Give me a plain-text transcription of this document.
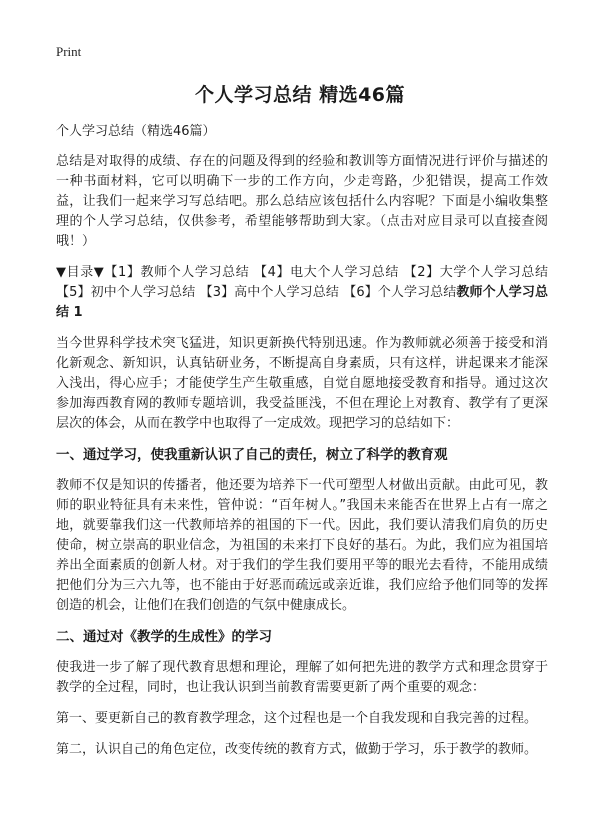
Print
个人学习总结 精选46篇

个人学习总结（精选46篇）

总结是对取得的成绩、存在的问题及得到的经验和教训等方面情况进行评价与描述的一种书面材料，它可以明确下一步的工作方向，少走弯路，少犯错误，提高工作效益，让我们一起来学习写总结吧。那么总结应该包括什么内容呢？下面是小编收集整理的个人学习总结，仅供参考，希望能够帮助到大家。（点击对应目录可以直接查阅哦！）

▼目录▼【1】教师个人学习总结 【4】电大个人学习总结 【2】大学个人学习总结 【5】初中个人学习总结 【3】高中个人学习总结 【6】个人学习总结教师个人学习总结 1

当今世界科学技术突飞猛进，知识更新换代特别迅速。作为教师就必须善于接受和消化新观念、新知识，认真钻研业务，不断提高自身素质，只有这样，讲起课来才能深入浅出，得心应手；才能使学生产生敬重感，自觉自愿地接受教育和指导。通过这次参加海西教育网的教师专题培训，我受益匪浅，不但在理论上对教育、教学有了更深层次的体会，从而在教学中也取得了一定成效。现把学习的总结如下：

一、通过学习，使我重新认识了自己的责任，树立了科学的教育观

教师不仅是知识的传播者，他还要为培养下一代可塑型人材做出贡献。由此可见，教师的职业特征具有未来性，管仲说：“百年树人。”我国未来能否在世界上占有一席之地，就要靠我们这一代教师培养的祖国的下一代。因此，我们要认清我们肩负的历史使命，树立崇高的职业信念，为祖国的未来打下良好的基石。为此，我们应为祖国培养出全面素质的创新人材。对于我们的学生我们要用平等的眼光去看待，不能用成绩把他们分为三六九等，也不能由于好恶而疏远或亲近谁，我们应给予他们同等的发挥创造的机会，让他们在我们创造的气氛中健康成长。

二、通过对《教学的生成性》的学习

使我进一步了解了现代教育思想和理论，理解了如何把先进的教学方式和理念贯穿于教学的全过程，同时，也让我认识到当前教育需要更新了两个重要的观念：

第一、要更新自己的教育教学理念，这个过程也是一个自我发现和自我完善的过程。

第二，认识自己的角色定位，改变传统的教育方式，做勤于学习，乐于教学的教师。
